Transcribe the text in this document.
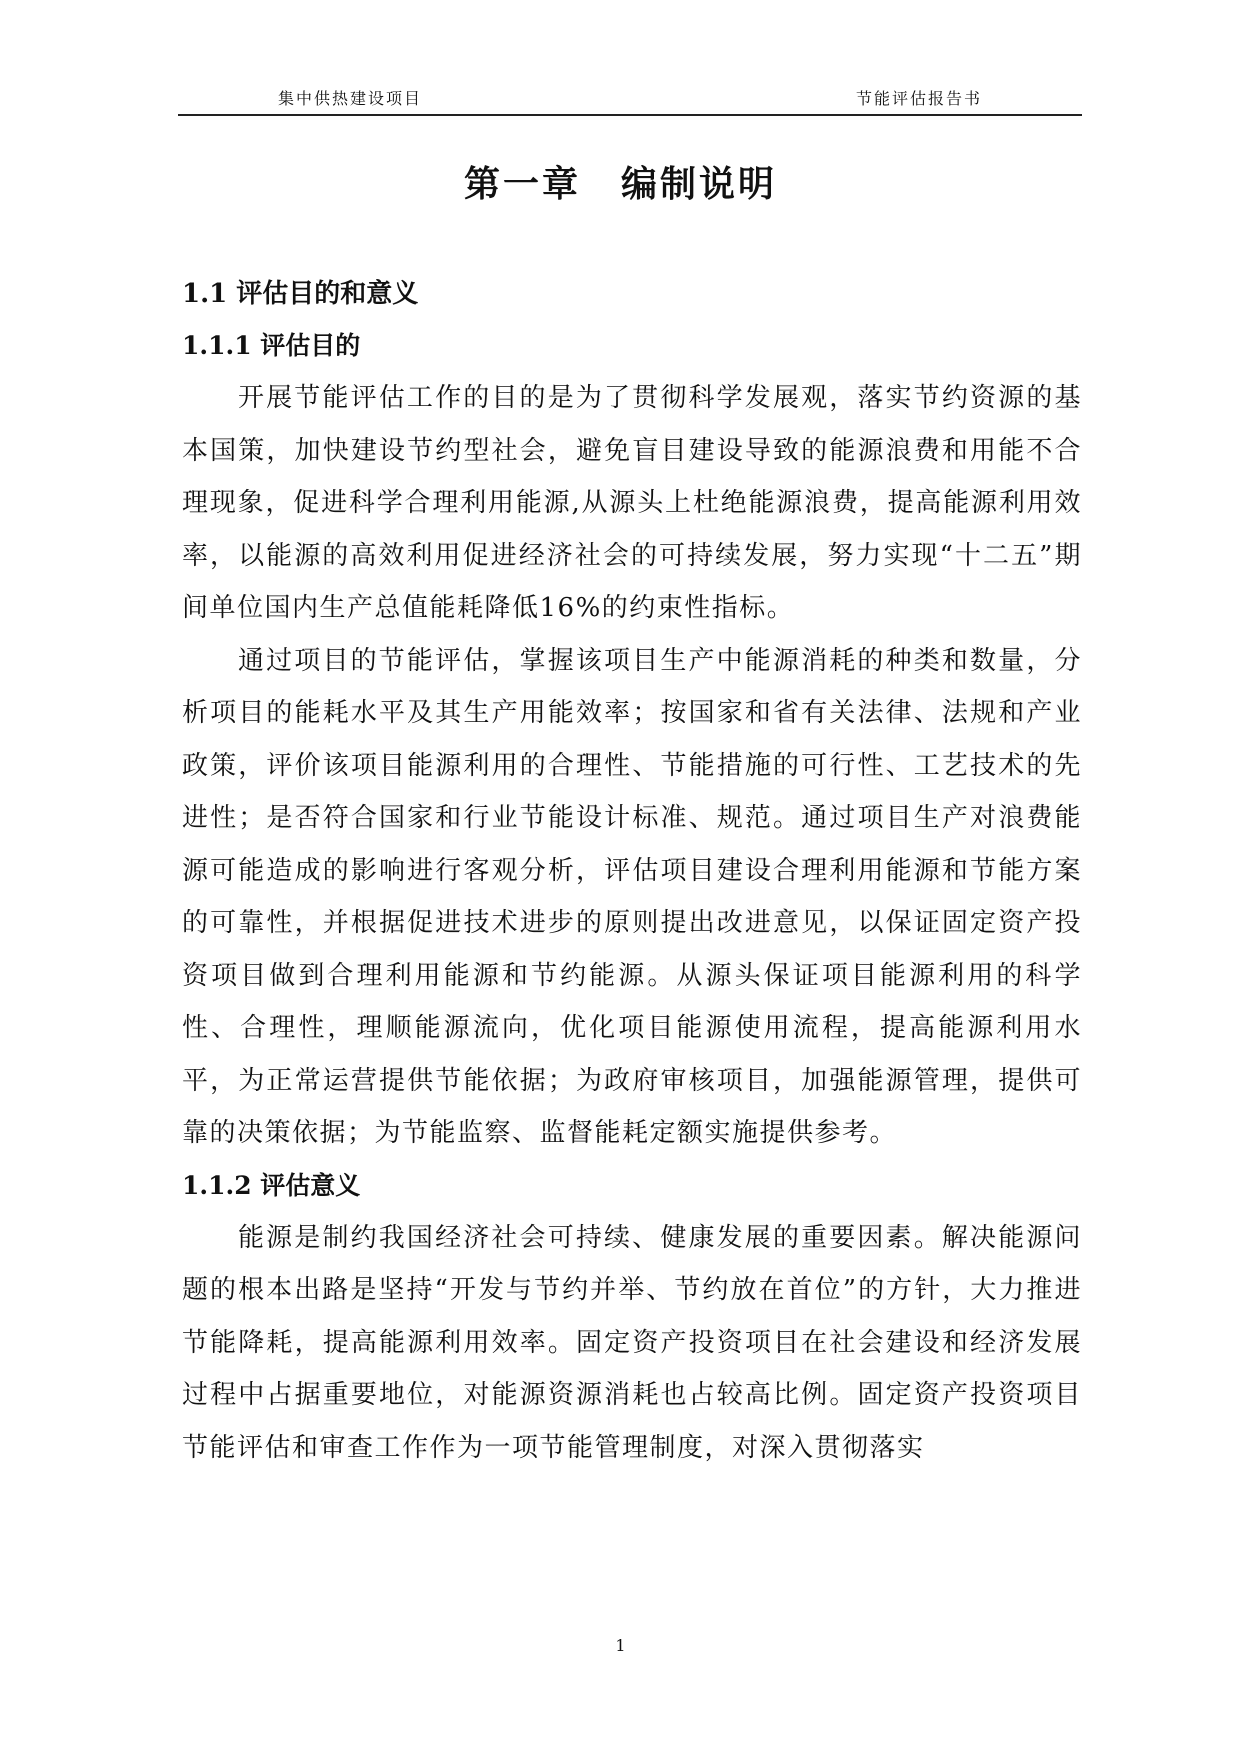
集中供热建设项目	节能评估报告书
第一章 编制说明

1.1 评估目的和意义

1.1.1 评估目的

开展节能评估工作的目的是为了贯彻科学发展观，落实节约资源的基本国策，加快建设节约型社会，避免盲目建设导致的能源浪费和用能不合理现象，促进科学合理利用能源,从源头上杜绝能源浪费，提高能源利用效率，以能源的高效利用促进经济社会的可持续发展，努力实现“十二五”期间单位国内生产总值能耗降低16%的约束性指标。

通过项目的节能评估，掌握该项目生产中能源消耗的种类和数量，分析项目的能耗水平及其生产用能效率；按国家和省有关法律、法规和产业政策，评价该项目能源利用的合理性、节能措施的可行性、工艺技术的先进性；是否符合国家和行业节能设计标准、规范。通过项目生产对浪费能源可能造成的影响进行客观分析，评估项目建设合理利用能源和节能方案的可靠性，并根据促进技术进步的原则提出改进意见，以保证固定资产投资项目做到合理利用能源和节约能源。从源头保证项目能源利用的科学性、合理性，理顺能源流向，优化项目能源使用流程，提高能源利用水平，为正常运营提供节能依据；为政府审核项目，加强能源管理，提供可靠的决策依据；为节能监察、监督能耗定额实施提供参考。

1.1.2 评估意义

能源是制约我国经济社会可持续、健康发展的重要因素。解决能源问题的根本出路是坚持“开发与节约并举、节约放在首位”的方针，大力推进节能降耗，提高能源利用效率。固定资产投资项目在社会建设和经济发展过程中占据重要地位，对能源资源消耗也占较高比例。固定资产投资项目节能评估和审查工作作为一项节能管理制度，对深入贯彻落实

1
